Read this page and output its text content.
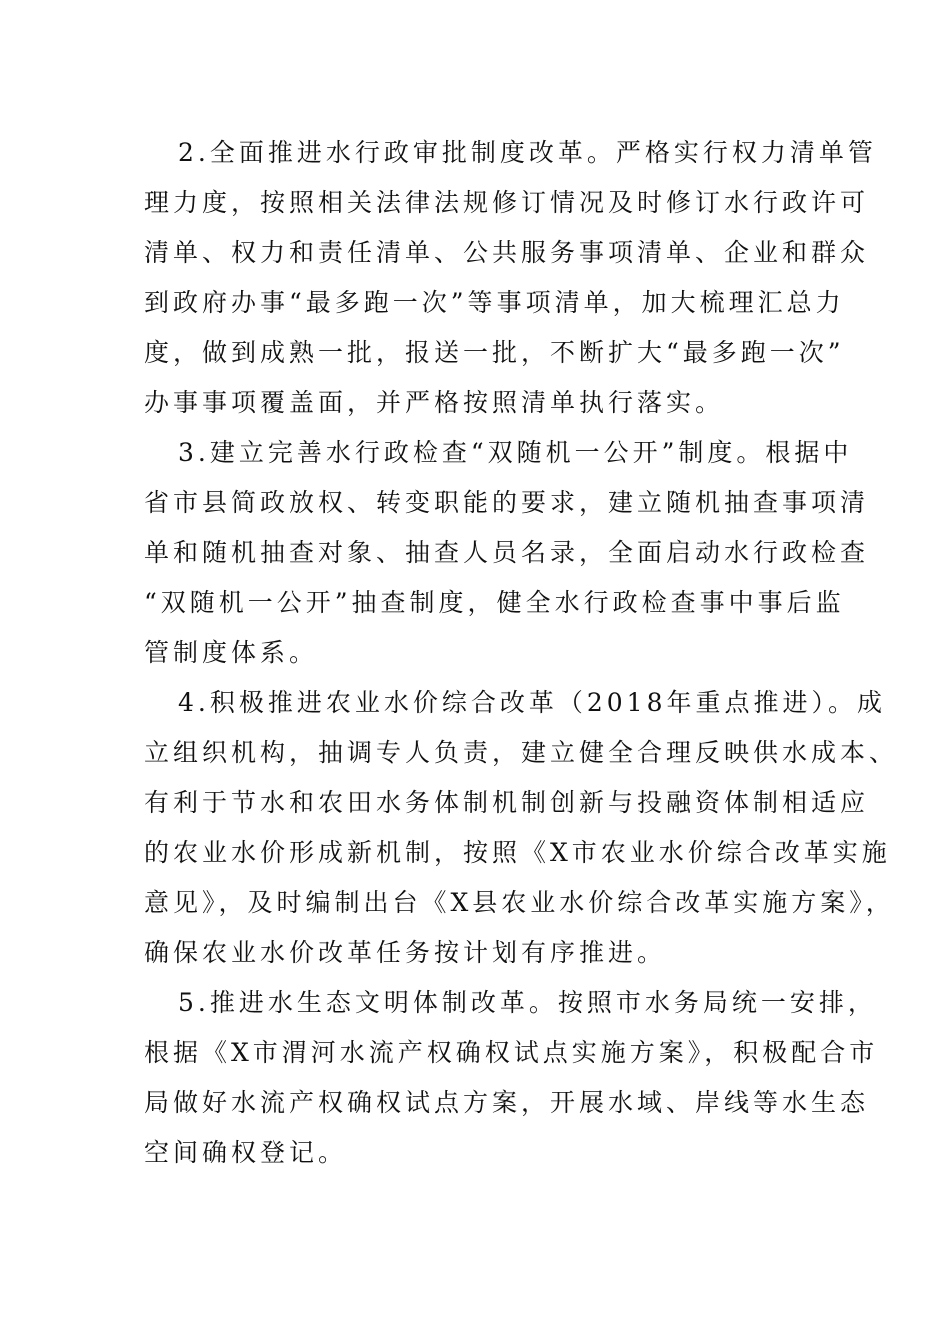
2.全面推进水行政审批制度改革。严格实行权力清单管
理力度，按照相关法律法规修订情况及时修订水行政许可
清单、权力和责任清单、公共服务事项清单、企业和群众
到政府办事“最多跑一次”等事项清单，加大梳理汇总力
度，做到成熟一批，报送一批，不断扩大“最多跑一次”
办事事项覆盖面，并严格按照清单执行落实。
3.建立完善水行政检查“双随机一公开”制度。根据中
省市县简政放权、转变职能的要求，建立随机抽查事项清
单和随机抽查对象、抽查人员名录，全面启动水行政检查
“双随机一公开”抽查制度，健全水行政检查事中事后监
管制度体系。
4.积极推进农业水价综合改革（2018年重点推进）。成
立组织机构，抽调专人负责，建立健全合理反映供水成本、
有利于节水和农田水务体制机制创新与投融资体制相适应
的农业水价形成新机制，按照《X市农业水价综合改革实施
意见》，及时编制出台《X县农业水价综合改革实施方案》，
确保农业水价改革任务按计划有序推进。
5.推进水生态文明体制改革。按照市水务局统一安排，
根据《X市渭河水流产权确权试点实施方案》，积极配合市
局做好水流产权确权试点方案，开展水域、岸线等水生态
空间确权登记。
